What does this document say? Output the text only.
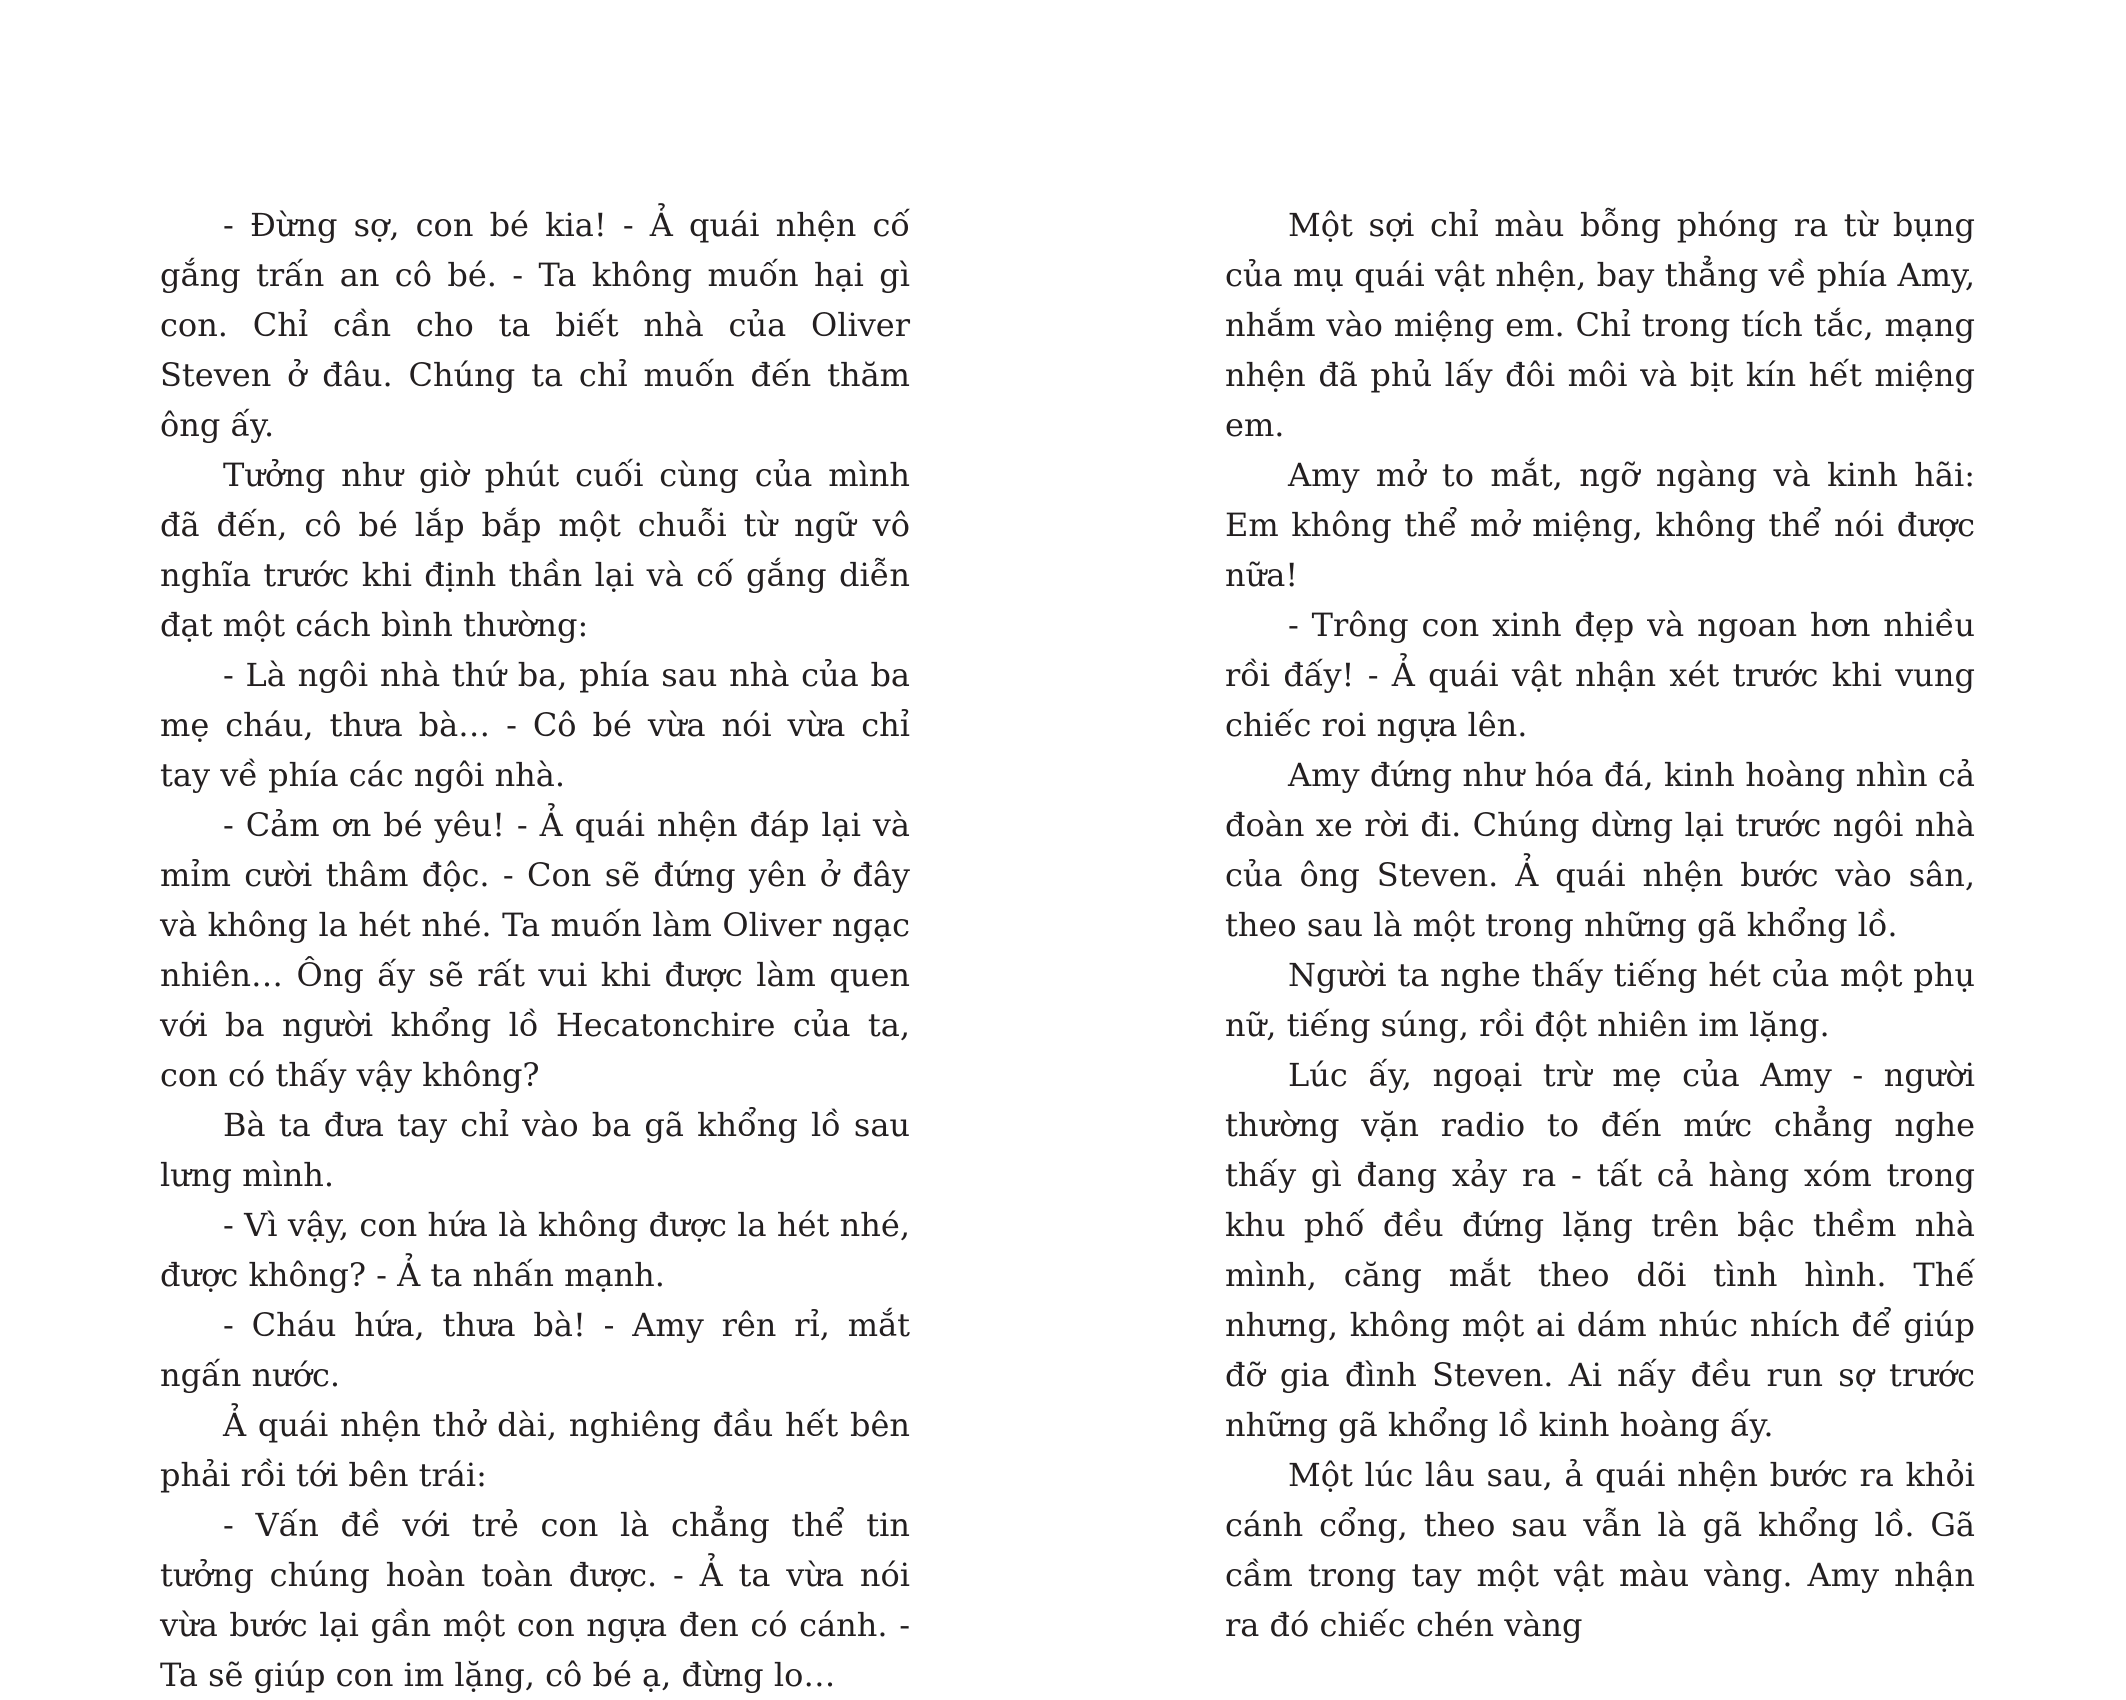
- Đừng sợ, con bé kia! - Ả quái nhện cố gắng trấn an cô bé. - Ta không muốn hại gì con. Chỉ cần cho ta biết nhà của Oliver Steven ở đâu. Chúng ta chỉ muốn đến thăm ông ấy.

Tưởng như giờ phút cuối cùng của mình đã đến, cô bé lắp bắp một chuỗi từ ngữ vô nghĩa trước khi định thần lại và cố gắng diễn đạt một cách bình thường:

- Là ngôi nhà thứ ba, phía sau nhà của ba mẹ cháu, thưa bà… - Cô bé vừa nói vừa chỉ tay về phía các ngôi nhà.

- Cảm ơn bé yêu! - Ả quái nhện đáp lại và mỉm cười thâm độc. - Con sẽ đứng yên ở đây và không la hét nhé. Ta muốn làm Oliver ngạc nhiên… Ông ấy sẽ rất vui khi được làm quen với ba người khổng lồ Hecatonchire của ta, con có thấy vậy không?

Bà ta đưa tay chỉ vào ba gã khổng lồ sau lưng mình.

- Vì vậy, con hứa là không được la hét nhé, được không? - Ả ta nhấn mạnh.

- Cháu hứa, thưa bà! - Amy rên rỉ, mắt ngấn nước.

Ả quái nhện thở dài, nghiêng đầu hết bên phải rồi tới bên trái:

- Vấn đề với trẻ con là chẳng thể tin tưởng chúng hoàn toàn được. - Ả ta vừa nói vừa bước lại gần một con ngựa đen có cánh. - Ta sẽ giúp con im lặng, cô bé ạ, đừng lo…

Một sợi chỉ màu bỗng phóng ra từ bụng của mụ quái vật nhện, bay thẳng về phía Amy, nhắm vào miệng em. Chỉ trong tích tắc, mạng nhện đã phủ lấy đôi môi và bịt kín hết miệng em.

Amy mở to mắt, ngỡ ngàng và kinh hãi: Em không thể mở miệng, không thể nói được nữa!

- Trông con xinh đẹp và ngoan hơn nhiều rồi đấy! - Ả quái vật nhận xét trước khi vung chiếc roi ngựa lên.

Amy đứng như hóa đá, kinh hoàng nhìn cả đoàn xe rời đi. Chúng dừng lại trước ngôi nhà của ông Steven. Ả quái nhện bước vào sân, theo sau là một trong những gã khổng lồ.

Người ta nghe thấy tiếng hét của một phụ nữ, tiếng súng, rồi đột nhiên im lặng.

Lúc ấy, ngoại trừ mẹ của Amy - người thường vặn radio to đến mức chẳng nghe thấy gì đang xảy ra - tất cả hàng xóm trong khu phố đều đứng lặng trên bậc thềm nhà mình, căng mắt theo dõi tình hình. Thế nhưng, không một ai dám nhúc nhích để giúp đỡ gia đình Steven. Ai nấy đều run sợ trước những gã khổng lồ kinh hoàng ấy.

Một lúc lâu sau, ả quái nhện bước ra khỏi cánh cổng, theo sau vẫn là gã khổng lồ. Gã cầm trong tay một vật màu vàng. Amy nhận ra đó chiếc chén vàng
